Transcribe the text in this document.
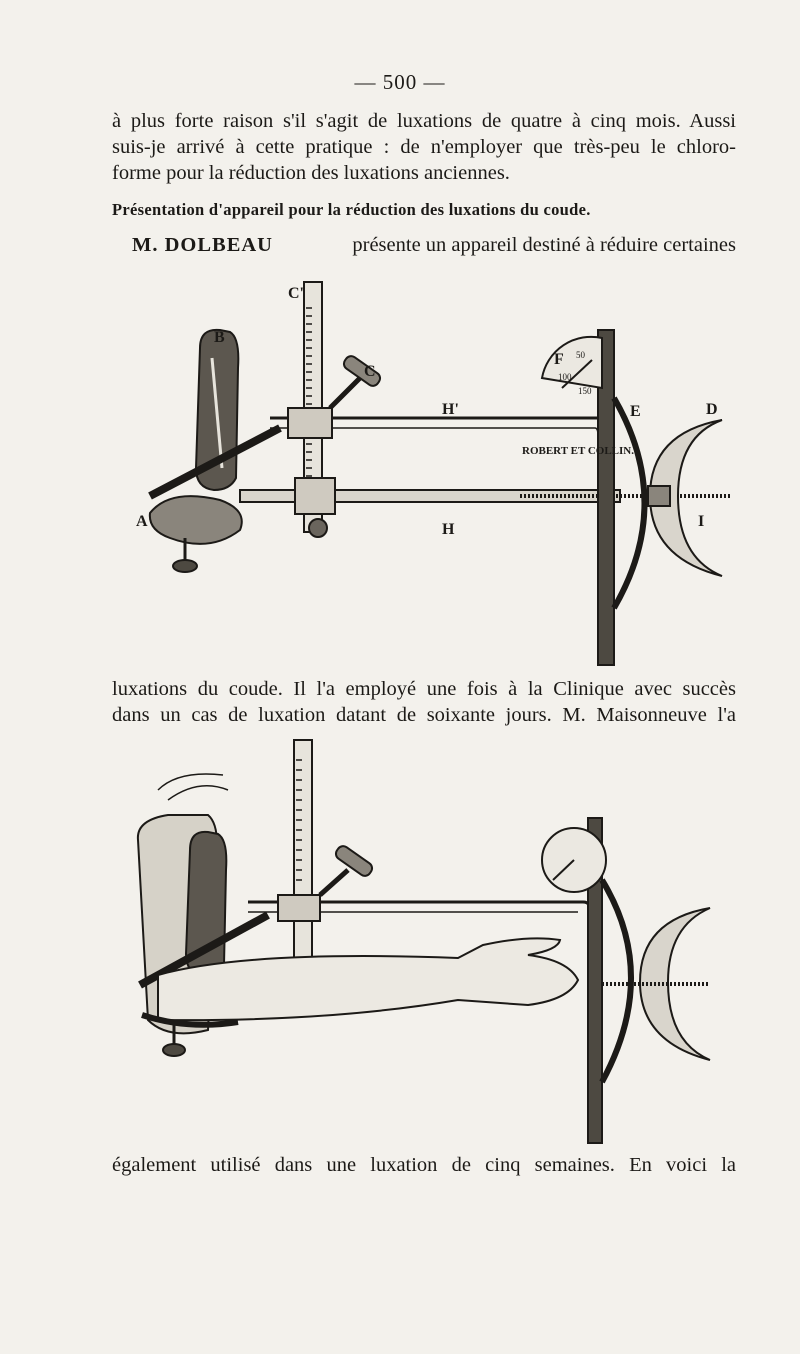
— 500 —
à plus forte raison s'il s'agit de luxations de quatre à cinq mois. Aussi
suis-je arrivé à cette pratique : de n'employer que très-peu le chloro-
forme pour la réduction des luxations anciennes.
Présentation d'appareil pour la réduction des luxations du coude.
M. DOLBEAU	présente un appareil destiné à réduire certaines
ROBERT ET COLLIN.
A
B
C
C'
D
E
F
H
H'
I
50
100
150
luxations du coude. Il l'a employé une fois à la Clinique avec succès
dans un cas de luxation datant de soixante jours. M. Maisonneuve l'a
également utilisé dans une luxation de cinq semaines. En voici la
